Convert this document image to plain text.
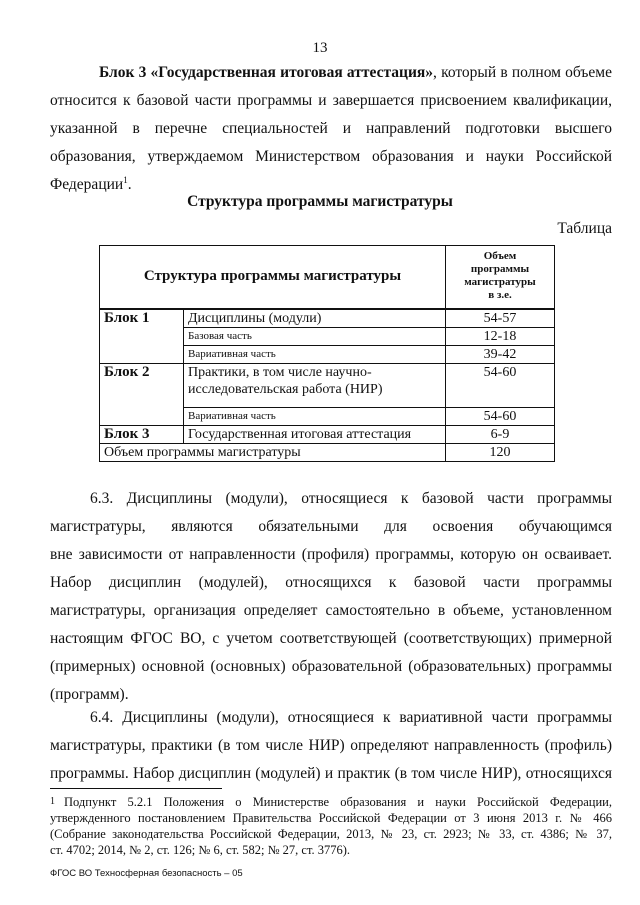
13
Блок 3 «Государственная итоговая аттестация», который в полном объеме
относится к базовой части программы и завершается присвоением квалификации,
указанной в перечне специальностей и направлений подготовки высшего
образования, утверждаемом Министерством образования и науки Российской
Федерации$^1$.
Структура программы магистратуры
Таблица
Структура программы магистратуры		Объем
программы
магистратуры
в з.е.

Блок 1	Дисциплины (модули)	54-57
	Базовая часть	12-18
	Вариативная часть	39-42
Блок 2	Практики, в том числе научно-исследовательская работа (НИР)	54-60
	Вариативная часть	54-60
Блок 3	Государственная итоговая аттестация	6-9
Объем программы магистратуры		120
6.3. Дисциплины (модули), относящиеся к базовой части программы
магистратуры, являются обязательными для освоения обучающимся
вне зависимости от направленности (профиля) программы, которую он осваивает.
Набор дисциплин (модулей), относящихся к базовой части программы
магистратуры, организация определяет самостоятельно в объеме, установленном
настоящим ФГОС ВО, с учетом соответствующей (соответствующих) примерной
(примерных) основной (основных) образовательной (образовательных) программы
(программ).
6.4. Дисциплины (модули), относящиеся к вариативной части программы
магистратуры, практики (в том числе НИР) определяют направленность (профиль)
программы. Набор дисциплин (модулей) и практик (в том числе НИР), относящихся
1 Подпункт 5.2.1 Положения о Министерстве образования и науки Российской Федерации,
утвержденного постановлением Правительства Российской Федерации от 3 июня 2013 г. № 466
(Собрание законодательства Российской Федерации, 2013, № 23, ст. 2923; № 33, ст. 4386; № 37,
ст. 4702; 2014, № 2, ст. 126; № 6, ст. 582; № 27, ст. 3776).
ФГОС ВО Техносферная безопасность – 05
